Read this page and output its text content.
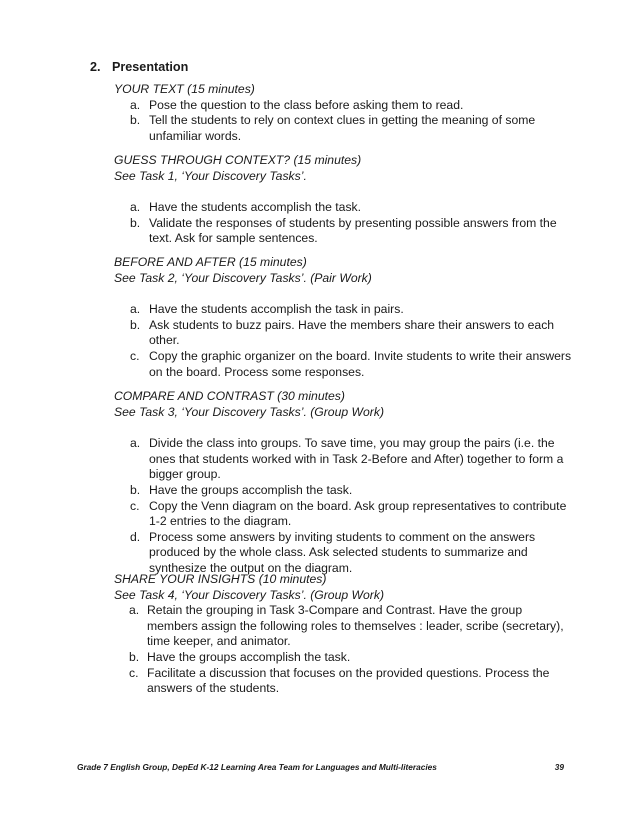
2. Presentation

YOUR TEXT (15 minutes)

a. Pose the question to the class before asking them to read.
b. Tell the students to rely on context clues in getting the meaning of some unfamiliar words.

GUESS THROUGH CONTEXT? (15 minutes)

See Task 1, ‘Your Discovery Tasks’.

a. Have the students accomplish the task.
b. Validate the responses of students by presenting possible answers from the text. Ask for sample sentences.

BEFORE AND AFTER (15 minutes)

See Task 2, ‘Your Discovery Tasks’. (Pair Work)

a. Have the students accomplish the task in pairs.
b. Ask students to buzz pairs. Have the members share their answers to each other.
c. Copy the graphic organizer on the board. Invite students to write their answers on the board. Process some responses.

COMPARE AND CONTRAST (30 minutes)

See Task 3, ‘Your Discovery Tasks’. (Group Work)

a. Divide the class into groups. To save time, you may group the pairs (i.e. the ones that students worked with in Task 2-Before and After) together to form a bigger group.
b. Have the groups accomplish the task.
c. Copy the Venn diagram on the board. Ask group representatives to contribute 1-2 entries to the diagram.
d. Process some answers by inviting students to comment on the answers produced by the whole class. Ask selected students to summarize and synthesize the output on the diagram.

SHARE YOUR INSIGHTS (10 minutes)

See Task 4, ‘Your Discovery Tasks’. (Group Work)

a. Retain the grouping in Task 3-Compare and Contrast. Have the group members assign the following roles to themselves : leader, scribe (secretary), time keeper, and animator.
b. Have the groups accomplish the task.
c. Facilitate a discussion that focuses on the provided questions. Process the answers of the students.
Grade 7 English Group, DepEd K-12 Learning Area Team for Languages and Multi-literacies	39
